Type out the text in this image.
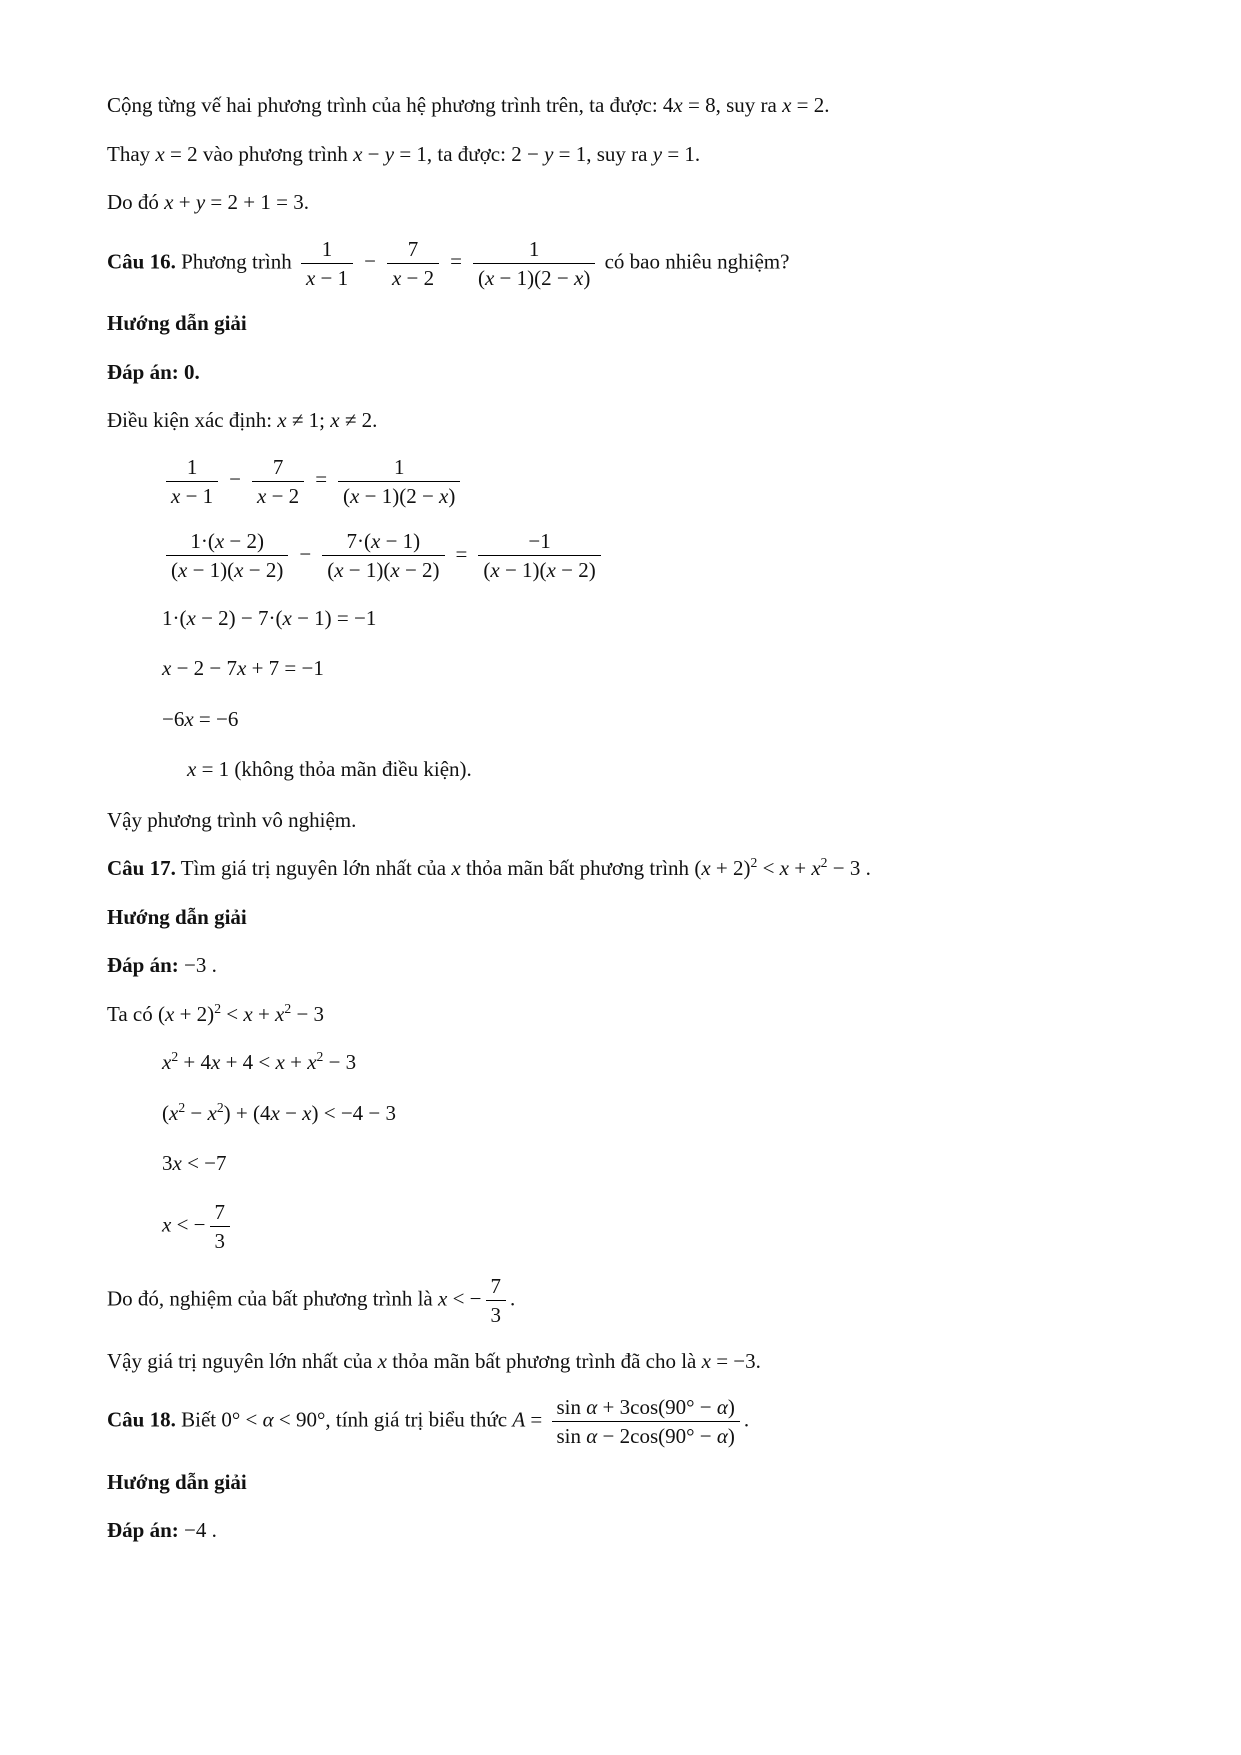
Cộng từng vế hai phương trình của hệ phương trình trên, ta được: 4x = 8, suy ra x = 2.

Thay x = 2 vào phương trình x − y = 1, ta được: 2 − y = 1, suy ra y = 1.

Do đó x + y = 2 + 1 = 3.

Câu 16. Phương trình $\frac{1}{x - 1} - \frac{7}{x - 2} = \frac{1}{(x - 1)(2 - x)}$ có bao nhiêu nghiệm?

Hướng dẫn giải

Đáp án: 0.

Điều kiện xác định: x ≠ 1; x ≠ 2.

$\frac{1}{x - 1} - \frac{7}{x - 2} = \frac{1}{(x - 1)(2 - x)}$
$\frac{1\cdot(x - 2)}{(x - 1)(x - 2)} - \frac{7\cdot(x - 1)}{(x - 1)(x - 2)} = \frac{-1}{(x - 1)(x - 2)}$
1·(x − 2) − 7·(x − 1) = −1
x − 2 − 7x + 7 = −1
−6x = −6
x = 1 (không thỏa mãn điều kiện).

Vậy phương trình vô nghiệm.

Câu 17. Tìm giá trị nguyên lớn nhất của x thỏa mãn bất phương trình $(x + 2)^2 < x + x^2 - 3$ .

Hướng dẫn giải

Đáp án: −3 .

Ta có $(x + 2)^2 < x + x^2 - 3$

$x^2 + 4x + 4 < x + x^2 - 3$
$(x^2 - x^2) + (4x - x) < -4 - 3$
3x < −7
x < − $\frac{7}{3}$

Do đó, nghiệm của bất phương trình là x < − $\frac{7}{3}$ .

Vậy giá trị nguyên lớn nhất của x thỏa mãn bất phương trình đã cho là x = −3.

Câu 18. Biết 0° < α < 90°, tính giá trị biểu thức $A = \frac{\text{sin α + 3cos(90° − α)}}{\text{sin α − 2cos(90° − α)}}$ .

Hướng dẫn giải

Đáp án: −4 .
